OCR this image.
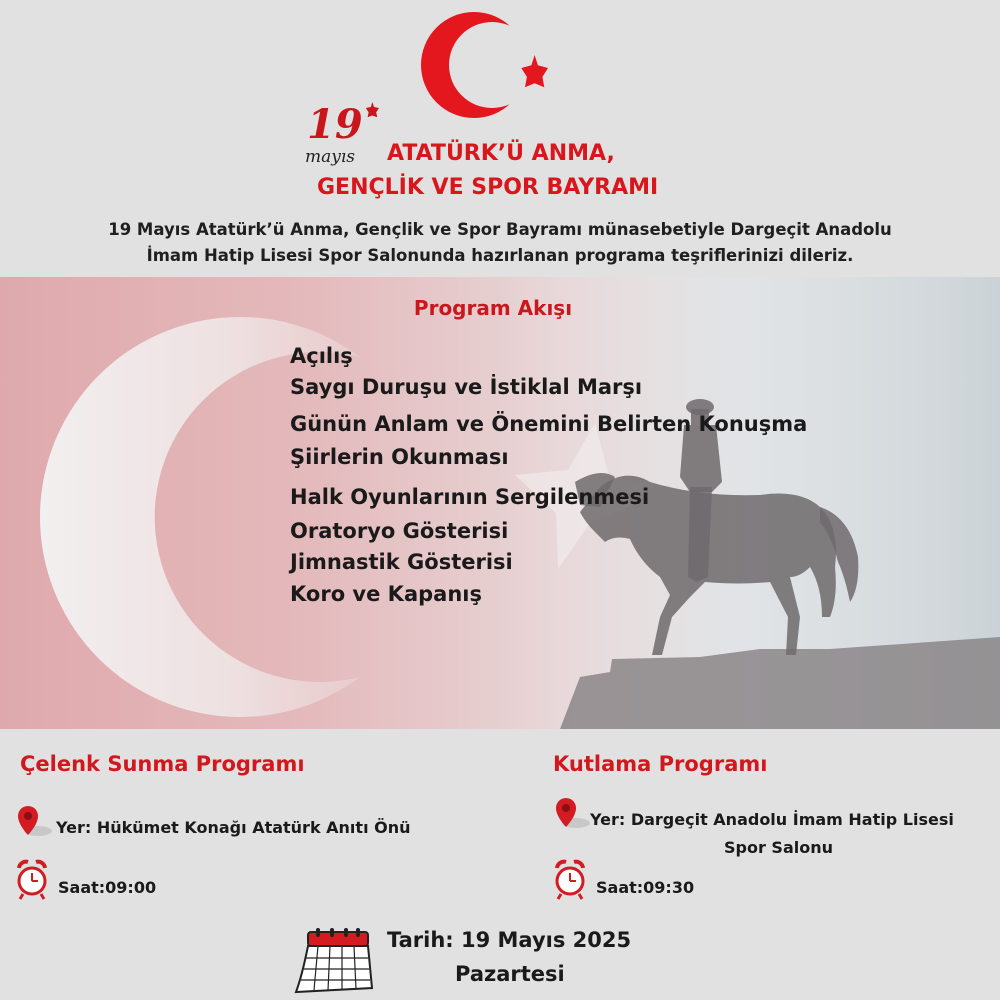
19
mayıs ATATÜRK’Ü ANMA,
GENÇLİK VE SPOR BAYRAMI
19 Mayıs Atatürk’ü Anma, Gençlik ve Spor Bayramı münasebetiyle Dargeçit Anadolu
İmam Hatip Lisesi Spor Salonunda hazırlanan programa teşriflerinizi dileriz.
Program Akışı
Açılış
Saygı Duruşu ve İstiklal Marşı
Günün Anlam ve Önemini Belirten Konuşma
Şiirlerin Okunması
Halk Oyunlarının Sergilenmesi
Oratoryo Gösterisi
Jimnastik Gösterisi
Koro ve Kapanış
Çelenk Sunma Programı
Yer: Hükümet Konağı Atatürk Anıtı Önü
Saat:09:00
Kutlama Programı
Yer: Dargeçit Anadolu İmam Hatip Lisesi
Spor Salonu
Saat:09:30
Tarih: 19 Mayıs 2025
Pazartesi
